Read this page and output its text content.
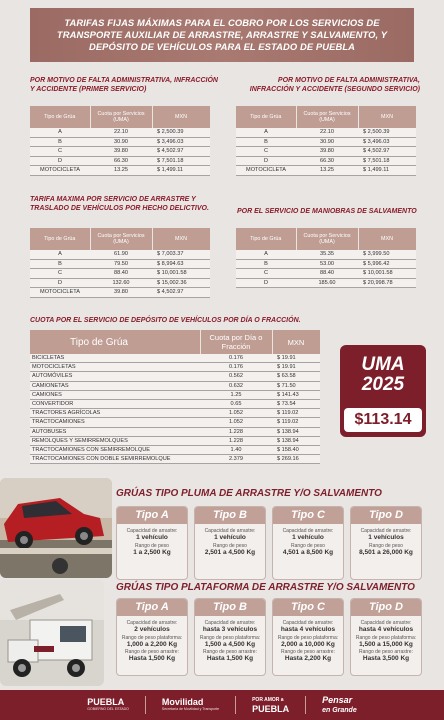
TARIFAS FIJAS MÁXIMAS PARA EL COBRO POR LOS SERVICIOS DE TRANSPORTE AUXILIAR DE ARRASTRE, ARRASTRE Y SALVAMENTO, Y DEPÓSITO DE VEHÍCULOS PARA EL ESTADO DE PUEBLA
POR MOTIVO DE FALTA ADMINISTRATIVA, INFRACCIÓN Y ACCIDENTE (PRIMER SERVICIO)
Tipo de Grúa	Cuota por Servicios (UMA)	MXN
A	22.10	$ 2,500.39
B	30.90	$ 3,496.03
C	39.80	$ 4,502.97
D	66.30	$ 7,501.18
MOTOCICLETA	13.25	$ 1,499.11
POR MOTIVO DE FALTA ADMINISTRATIVA, INFRACCIÓN Y ACCIDENTE (SEGUNDO SERVICIO)
Tipo de Grúa	Cuota por Servicios (UMA)	MXN
A	22.10	$ 2,500.39
B	30.90	$ 3,496.03
C	39.80	$ 4,502.97
D	66.30	$ 7,501.18
MOTOCICLETA	13.25	$ 1,499.11
TARIFA MAXIMA POR SERVICIO DE ARRASTRE Y TRASLADO DE VEHÍCULOS POR HECHO DELICTIVO.
Tipo de Grúa	Cuota por Servicios (UMA)	MXN
A	61.90	$ 7,003.37
B	79.50	$ 8,994.63
C	88.40	$ 10,001.58
D	132.60	$ 15,002.36
MOTOCICLETA	39.80	$ 4,502.97
POR EL SERVICIO DE MANIOBRAS DE SALVAMENTO
Tipo de Grúa	Cuota por Servicios (UMA)	MXN
A	35.35	$ 3,999.50
B	53.00	$ 5,996.42
C	88.40	$ 10,001.58
D	185.60	$ 20,998.78
CUOTA POR EL SERVICIO DE DEPÓSITO DE VEHÍCULOS POR DÍA O FRACCIÓN.
Tipo de Grúa	Cuota por Día o Fracción	MXN
BICICLETAS	0.176	$ 19.91
MOTOCICLETAS	0.176	$ 19.91
AUTOMÓVILES	0.562	$ 63.58
CAMIONETAS	0.632	$ 71.50
CAMIONES	1.25	$ 141.43
CONVERTIDOR	0.65	$ 73.54
TRACTORES AGRÍCOLAS	1.052	$ 119.02
TRACTOCAMIONES	1.052	$ 119.02
AUTOBUSES	1.228	$ 138.94
REMOLQUES Y SEMIRREMOLQUES	1.228	$ 138.94
TRACTOCAMIONES CON SEMIRREMOLQUE	1.40	$ 158.40
TRACTOCAMIONES CON DOBLE SEMIRREMOLQUE	2.379	$ 269.16
UMA
2025
$113.14
GRÚAS TIPO PLUMA DE ARRASTRE Y/O SALVAMENTO
Tipo A
Capacidad de arrastre:
1 vehículo
Rango de peso
1 a 2,500 Kg
Tipo B
Capacidad de arrastre:
1 vehículo
Rango de peso
2,501 a 4,500 Kg
Tipo C
Capacidad de arrastre:
1 vehículo
Rango de peso
4,501 a 8,500 Kg
Tipo D
Capacidad de arrastre:
1 vehículos
Rango de peso
8,501 a 26,000 Kg
GRÚAS TIPO PLATAFORMA DE ARRASTRE Y/O SALVAMENTO
Tipo A
Capacidad de arrastre:
2 vehículos
Rango de peso plataforma:
1,000 a 2,200 Kg
Rango de peso arrastre:
Hasta 1,500 Kg
Tipo B
Capacidad de arrastre:
hasta 3 vehículos
Rango de peso plataforma:
1,500 a 4,500 Kg
Rango de peso arrastre:
Hasta 1,500 Kg
Tipo C
Capacidad de arrastre:
hasta 4 vehículos
Rango de peso plataforma:
2,000 a 10,000 Kg
Rango de peso arrastre:
Hasta 2,200 Kg
Tipo D
Capacidad de arrastre:
hasta 4 vehículos
Rango de peso plataforma:
1,500 a 15,000 Kg
Rango de peso arrastre:
Hasta 3,500 Kg
PUEBLA
GOBIERNO DEL ESTADO
Movilidad
Secretaría de Movilidad y Transporte
POR AMOR a
PUEBLA
Pensar
en Grande
